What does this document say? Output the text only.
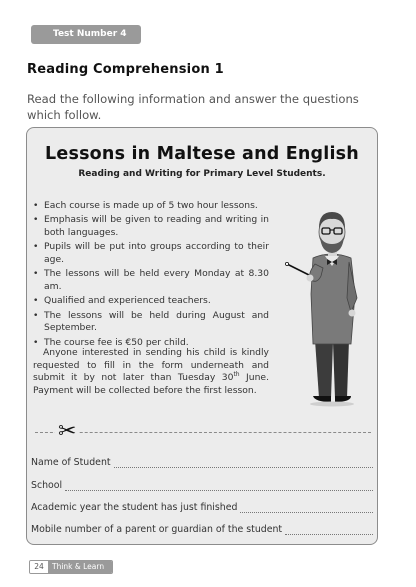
Test Number 4
Reading Comprehension 1
Read the following information and answer the questions which follow.
Lessons in Maltese and English
Reading and Writing for Primary Level Students.
• Each course is made up of 5 two hour lessons.
• Emphasis will be given to reading and writing in both languages.
• Pupils will be put into groups according to their age.
• The lessons will be held every Monday at 8.30 am.
• Qualified and experienced teachers.
• The lessons will be held during August and September.
• The course fee is €50 per child.

Anyone interested in sending his child is kindly requested to fill in the form underneath and submit it by not later than Tuesday 30th June. Payment will be collected before the first lesson.

✂
Name of Student
School
Academic year the student has just finished
Mobile number of a parent or guardian of the student
24	Think & Learn
